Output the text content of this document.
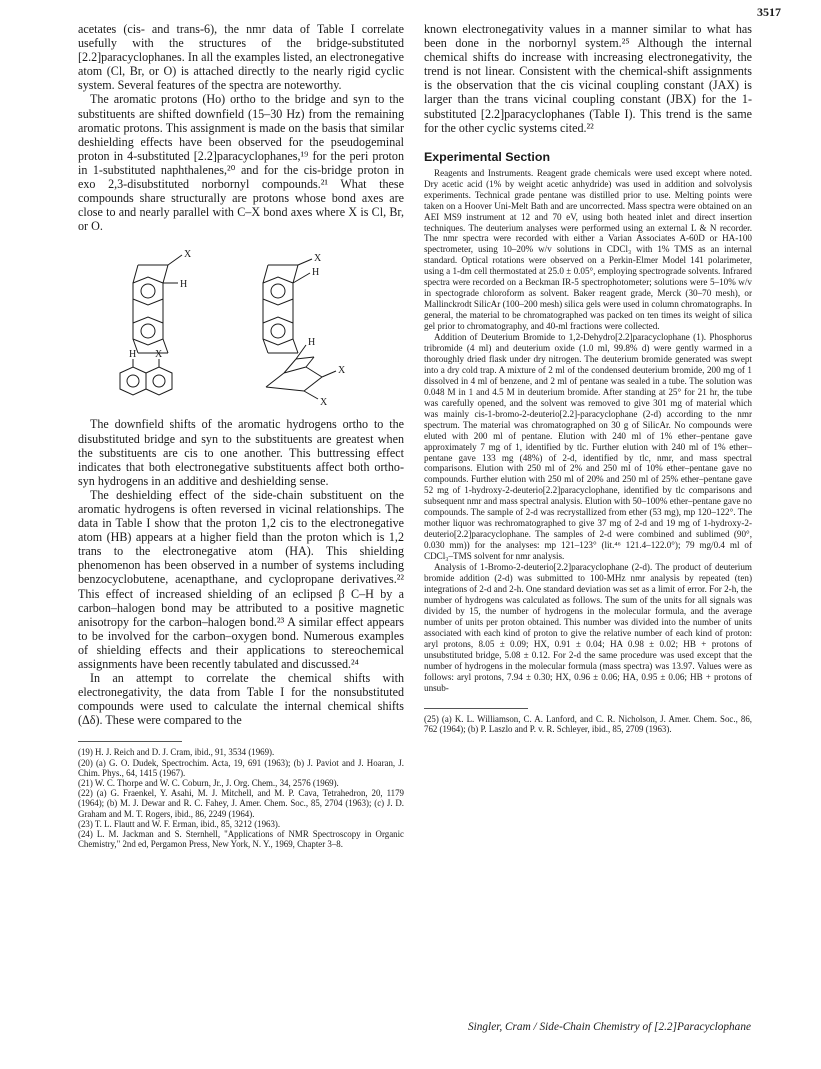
3517

acetates (cis- and trans-6), the nmr data of Table I correlate usefully with the structures of the bridge-substituted [2.2]paracyclophanes. In all the examples listed, an electronegative atom (Cl, Br, or O) is attached directly to the nearly rigid cyclic system. Several features of the spectra are noteworthy.

The aromatic protons (Ho) ortho to the bridge and syn to the substituents are shifted downfield (15–30 Hz) from the remaining aromatic protons. This assignment is made on the basis that similar deshielding effects have been observed for the pseudogeminal proton in 4-substituted [2.2]paracyclophanes,¹⁹ for the peri proton in 1-substituted naphthalenes,²⁰ and for the cis-bridge proton in exo 2,3-disubstituted norbornyl compounds.²¹ What these compounds share structurally are protons whose bond axes are close to and nearly parallel with C–X bond axes where X is Cl, Br, or O.

X
H
X
H
H X
H
X
X

The downfield shifts of the aromatic hydrogens ortho to the disubstituted bridge and syn to the substituents are greatest when the substituents are cis to one another. This buttressing effect indicates that both electronegative substituents affect both ortho-syn hydrogens in an additive and deshielding sense.

The deshielding effect of the side-chain substituent on the aromatic hydrogens is often reversed in vicinal relationships. The data in Table I show that the proton 1,2 cis to the electronegative atom (HB) appears at a higher field than the proton which is 1,2 trans to the electronegative atom (HA). This shielding phenomenon has been observed in a number of systems including benzocyclobutene, acenapthane, and cyclopropane derivatives.²² This effect of increased shielding of an eclipsed β C–H by a carbon–halogen bond may be attributed to a positive magnetic anisotropy for the carbon–halogen bond.²³ A similar effect appears to be involved for the carbon–oxygen bond. Numerous examples of shielding effects and their applications to stereochemical assignments have been recently tabulated and discussed.²⁴

In an attempt to correlate the chemical shifts with electronegativity, the data from Table I for the nonsubstituted compounds were used to calculate the internal chemical shifts (Δδ). These were compared to the

(19) H. J. Reich and D. J. Cram, ibid., 91, 3534 (1969).

(20) (a) G. O. Dudek, Spectrochim. Acta, 19, 691 (1963); (b) J. Paviot and J. Hoaran, J. Chim. Phys., 64, 1415 (1967).

(21) W. C. Thorpe and W. C. Coburn, Jr., J. Org. Chem., 34, 2576 (1969).

(22) (a) G. Fraenkel, Y. Asahi, M. J. Mitchell, and M. P. Cava, Tetrahedron, 20, 1179 (1964); (b) M. J. Dewar and R. C. Fahey, J. Amer. Chem. Soc., 85, 2704 (1963); (c) J. D. Graham and M. T. Rogers, ibid., 86, 2249 (1964).

(23) T. L. Flautt and W. F. Erman, ibid., 85, 3212 (1963).

(24) L. M. Jackman and S. Sternhell, "Applications of NMR Spectroscopy in Organic Chemistry," 2nd ed, Pergamon Press, New York, N. Y., 1969, Chapter 3–8.

known electronegativity values in a manner similar to what has been done in the norbornyl system.²⁵ Although the internal chemical shifts do increase with increasing electronegativity, the trend is not linear. Consistent with the chemical-shift assignments is the observation that the cis vicinal coupling constant (JAX) is larger than the trans vicinal coupling constant (JBX) for the 1-substituted [2.2]paracyclophanes (Table I). This trend is the same for the other cyclic systems cited.²²

Experimental Section

Reagents and Instruments. Reagent grade chemicals were used except where noted. Dry acetic acid (1% by weight acetic anhydride) was used in addition and solvolysis experiments. Technical grade pentane was distilled prior to use. Melting points were taken on a Hoover Uni-Melt Bath and are uncorrected. Mass spectra were obtained on an AEI MS9 instrument at 12 and 70 eV, using both heated inlet and direct insertion techniques. The deuterium analyses were performed using an external L & N recorder. The nmr spectra were recorded with either a Varian Associates A-60D or HA-100 spectrometer, using 10–20% w/v solutions in CDCl₃ with 1% TMS as an internal standard. Optical rotations were observed on a Perkin-Elmer Model 141 polarimeter, using a 1-dm cell thermostated at 25.0 ± 0.05°, employing spectrograde solvents. Infrared spectra were recorded on a Beckman IR-5 spectrophotometer; solutions were 5–10% w/v in spectograde chloroform as solvent. Baker reagent grade, Merck (30–70 mesh), or Mallinckrodt SilicAr (100–200 mesh) silica gels were used in column chromatographs. In general, the material to be chromatographed was packed on ten times its weight of silica gel prior to chromatography, and 40-ml fractions were collected.

Addition of Deuterium Bromide to 1,2-Dehydro[2.2]paracyclophane (1). Phosphorus tribromide (4 ml) and deuterium oxide (1.0 ml, 99.8% d) were gently warmed in a thoroughly dried flask under dry nitrogen. The deuterium bromide generated was swept into a dry cold trap. A mixture of 2 ml of the condensed deuterium bromide, 200 mg of 1 dissolved in 4 ml of benzene, and 2 ml of pentane was sealed in a tube. The solution was 0.048 M in 1 and 4.5 M in deuterium bromide. After standing at 25° for 21 hr, the tube was carefully opened, and the solvent was removed to give 301 mg of material which was mainly cis-1-bromo-2-deuterio[2.2]-paracyclophane (2-d) according to the nmr spectrum. The material was chromatographed on 30 g of SilicAr. No compounds were eluted with 200 ml of pentane. Elution with 240 ml of 1% ether–pentane gave approximately 7 mg of 1, identified by tlc. Further elution with 240 ml of 1% ether–pentane gave 133 mg (48%) of 2-d, identified by tlc, nmr, and mass spectral comparisons. Elution with 250 ml of 2% and 250 ml of 10% ether–pentane gave no compounds. Further elution with 250 ml of 20% and 250 ml of 25% ether–pentane gave 52 mg of 1-hydroxy-2-deuterio[2.2]paracyclophane, identified by tlc comparisons and subsequent nmr and mass spectral analysis. Elution with 50–100% ether–pentane gave no compounds. The sample of 2-d was recrystallized from ether (53 mg), mp 120–122°. The mother liquor was rechromatographed to give 37 mg of 2-d and 19 mg of 1-hydroxy-2-deuterio[2.2]paracyclophane. The samples of 2-d were combined and sublimed (90°, 0.030 mm)) for the analyses: mp 121–123° (lit.⁴⁶ 121.4–122.0°); 79 mg/0.4 ml of CDCl₃–TMS solvent for nmr analysis.

Analysis of 1-Bromo-2-deuterio[2.2]paracyclophane (2-d). The product of deuterium bromide addition (2-d) was submitted to 100-MHz nmr analysis by repeated (ten) integrations of 2-d and 2-h. One standard deviation was set as a limit of error. For 2-h, the number of hydrogens was calculated as follows. The sum of the units for all signals was divided by 15, the number of hydrogens in the molecular formula, and the average number of units per proton obtained. This number was divided into the number of units associated with each kind of proton to give the relative number of each kind of proton: aryl protons, 8.05 ± 0.09; HX, 0.91 ± 0.04; HA 0.98 ± 0.02; HB + protons of unsubstituted bridge, 5.08 ± 0.12. For 2-d the same procedure was used except that the number of hydrogens in the molecular formula (mass spectra) was 13.97. Values were as follows: aryl protons, 7.94 ± 0.30; HX, 0.96 ± 0.06; HA, 0.95 ± 0.06; HB + protons of unsub-

(25) (a) K. L. Williamson, C. A. Lanford, and C. R. Nicholson, J. Amer. Chem. Soc., 86, 762 (1964); (b) P. Laszlo and P. v. R. Schleyer, ibid., 85, 2709 (1963).

Singler, Cram / Side-Chain Chemistry of [2.2]Paracyclophane
